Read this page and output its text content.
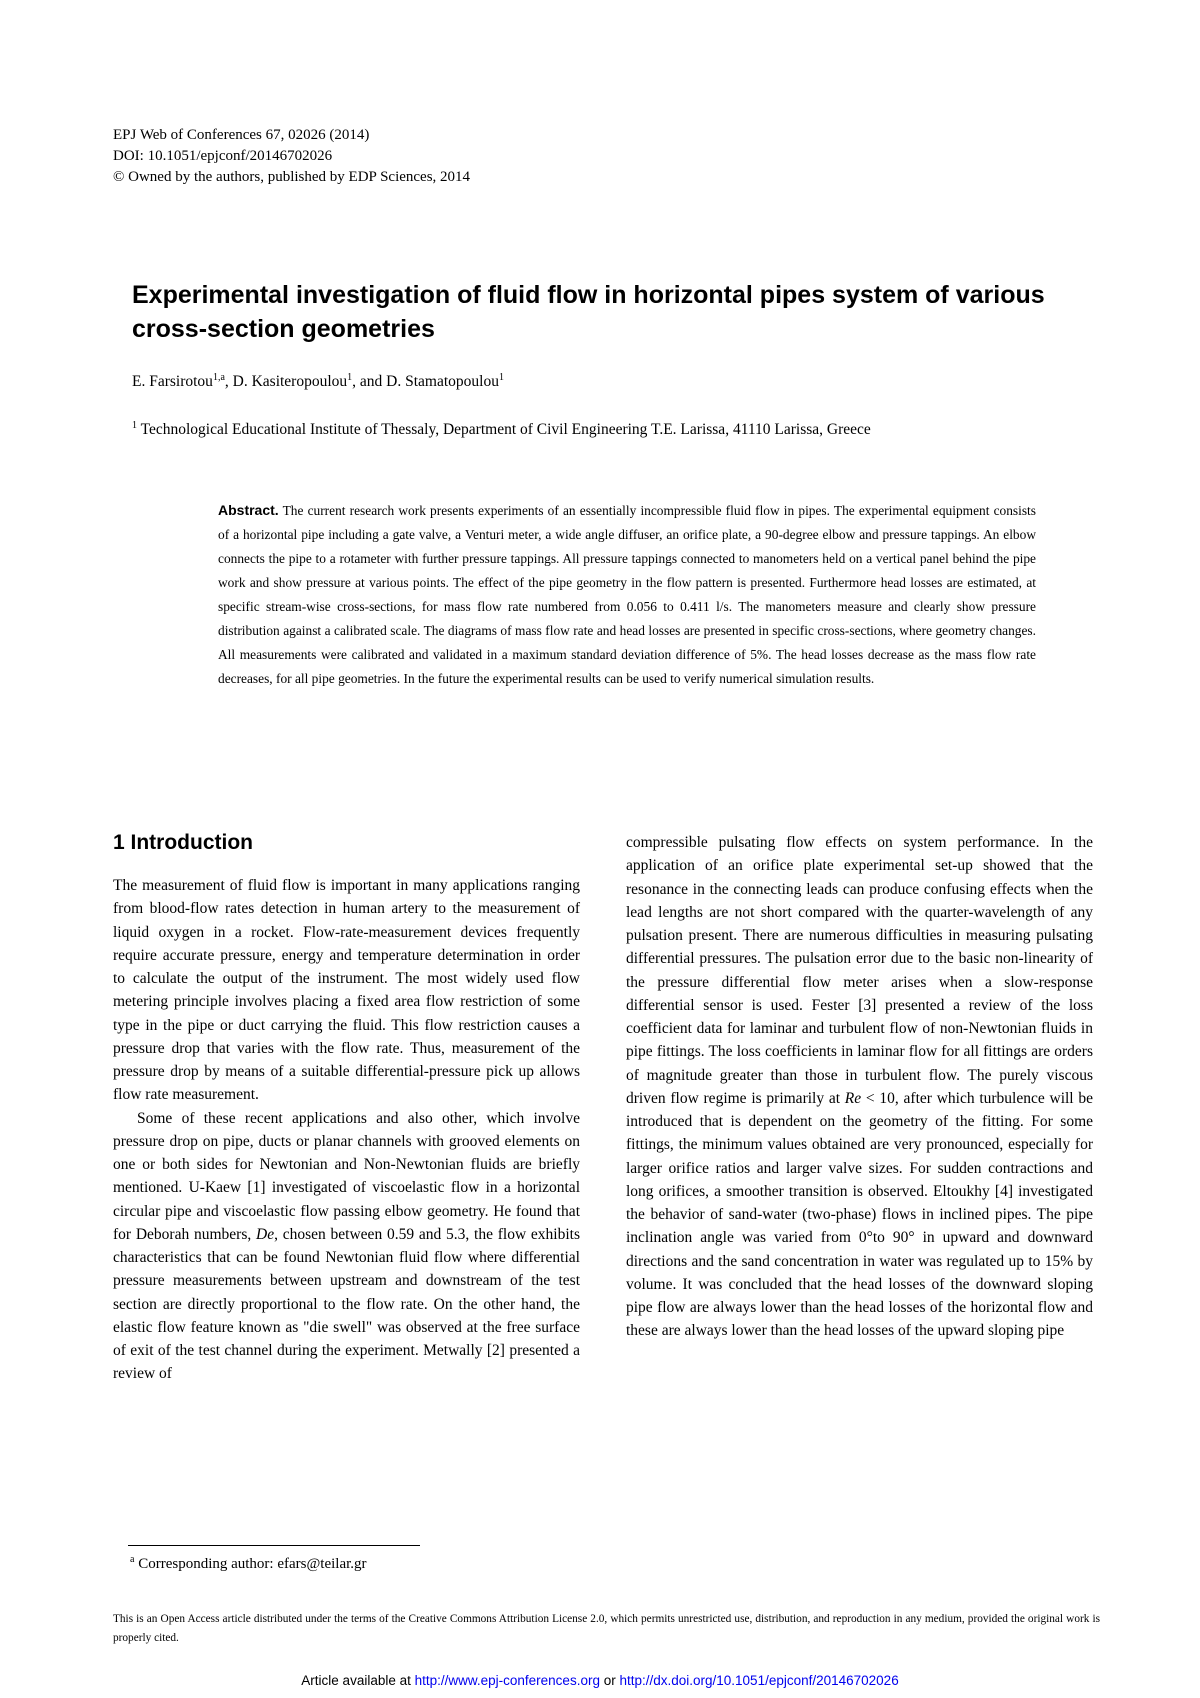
EPJ Web of Conferences 67, 02026 (2014)
DOI: 10.1051/epjconf/20146702026
© Owned by the authors, published by EDP Sciences, 2014
Experimental investigation of fluid flow in horizontal pipes system of various cross-section geometries
E. Farsirotou$^{1,a}$, D. Kasiteropoulou$^1$, and D. Stamatopoulou$^1$
$^1$ Technological Educational Institute of Thessaly, Department of Civil Engineering T.E. Larissa, 41110 Larissa, Greece
Abstract. The current research work presents experiments of an essentially incompressible fluid flow in pipes. The experimental equipment consists of a horizontal pipe including a gate valve, a Venturi meter, a wide angle diffuser, an orifice plate, a 90-degree elbow and pressure tappings. An elbow connects the pipe to a rotameter with further pressure tappings. All pressure tappings connected to manometers held on a vertical panel behind the pipe work and show pressure at various points. The effect of the pipe geometry in the flow pattern is presented. Furthermore head losses are estimated, at specific stream-wise cross-sections, for mass flow rate numbered from 0.056 to 0.411 l/s. The manometers measure and clearly show pressure distribution against a calibrated scale. The diagrams of mass flow rate and head losses are presented in specific cross-sections, where geometry changes. All measurements were calibrated and validated in a maximum standard deviation difference of 5%. The head losses decrease as the mass flow rate decreases, for all pipe geometries. In the future the experimental results can be used to verify numerical simulation results.
1 Introduction

The measurement of fluid flow is important in many applications ranging from blood-flow rates detection in human artery to the measurement of liquid oxygen in a rocket. Flow-rate-measurement devices frequently require accurate pressure, energy and temperature determination in order to calculate the output of the instrument. The most widely used flow metering principle involves placing a fixed area flow restriction of some type in the pipe or duct carrying the fluid. This flow restriction causes a pressure drop that varies with the flow rate. Thus, measurement of the pressure drop by means of a suitable differential-pressure pick up allows flow rate measurement.

Some of these recent applications and also other, which involve pressure drop on pipe, ducts or planar channels with grooved elements on one or both sides for Newtonian and Non-Newtonian fluids are briefly mentioned. U-Kaew [1] investigated of viscoelastic flow in a horizontal circular pipe and viscoelastic flow passing elbow geometry. He found that for Deborah numbers, De, chosen between 0.59 and 5.3, the flow exhibits characteristics that can be found Newtonian fluid flow where differential pressure measurements between upstream and downstream of the test section are directly proportional to the flow rate. On the other hand, the elastic flow feature known as "die swell" was observed at the free surface of exit of the test channel during the experiment. Metwally [2] presented a review of

compressible pulsating flow effects on system performance. In the application of an orifice plate experimental set-up showed that the resonance in the connecting leads can produce confusing effects when the lead lengths are not short compared with the quarter-wavelength of any pulsation present. There are numerous difficulties in measuring pulsating differential pressures. The pulsation error due to the basic non-linearity of the pressure differential flow meter arises when a slow-response differential sensor is used. Fester [3] presented a review of the loss coefficient data for laminar and turbulent flow of non-Newtonian fluids in pipe fittings. The loss coefficients in laminar flow for all fittings are orders of magnitude greater than those in turbulent flow. The purely viscous driven flow regime is primarily at Re < 10, after which turbulence will be introduced that is dependent on the geometry of the fitting. For some fittings, the minimum values obtained are very pronounced, especially for larger orifice ratios and larger valve sizes. For sudden contractions and long orifices, a smoother transition is observed. Eltoukhy [4] investigated the behavior of sand-water (two-phase) flows in inclined pipes. The pipe inclination angle was varied from 0°to 90° in upward and downward directions and the sand concentration in water was regulated up to 15% by volume. It was concluded that the head losses of the downward sloping pipe flow are always lower than the head losses of the horizontal flow and these are always lower than the head losses of the upward sloping pipe

$^a$ Corresponding author: efars@teilar.gr
This is an Open Access article distributed under the terms of the Creative Commons Attribution License 2.0, which permits unrestricted use, distribution, and reproduction in any medium, provided the original work is properly cited.
Article available at http://www.epj-conferences.org or http://dx.doi.org/10.1051/epjconf/20146702026
